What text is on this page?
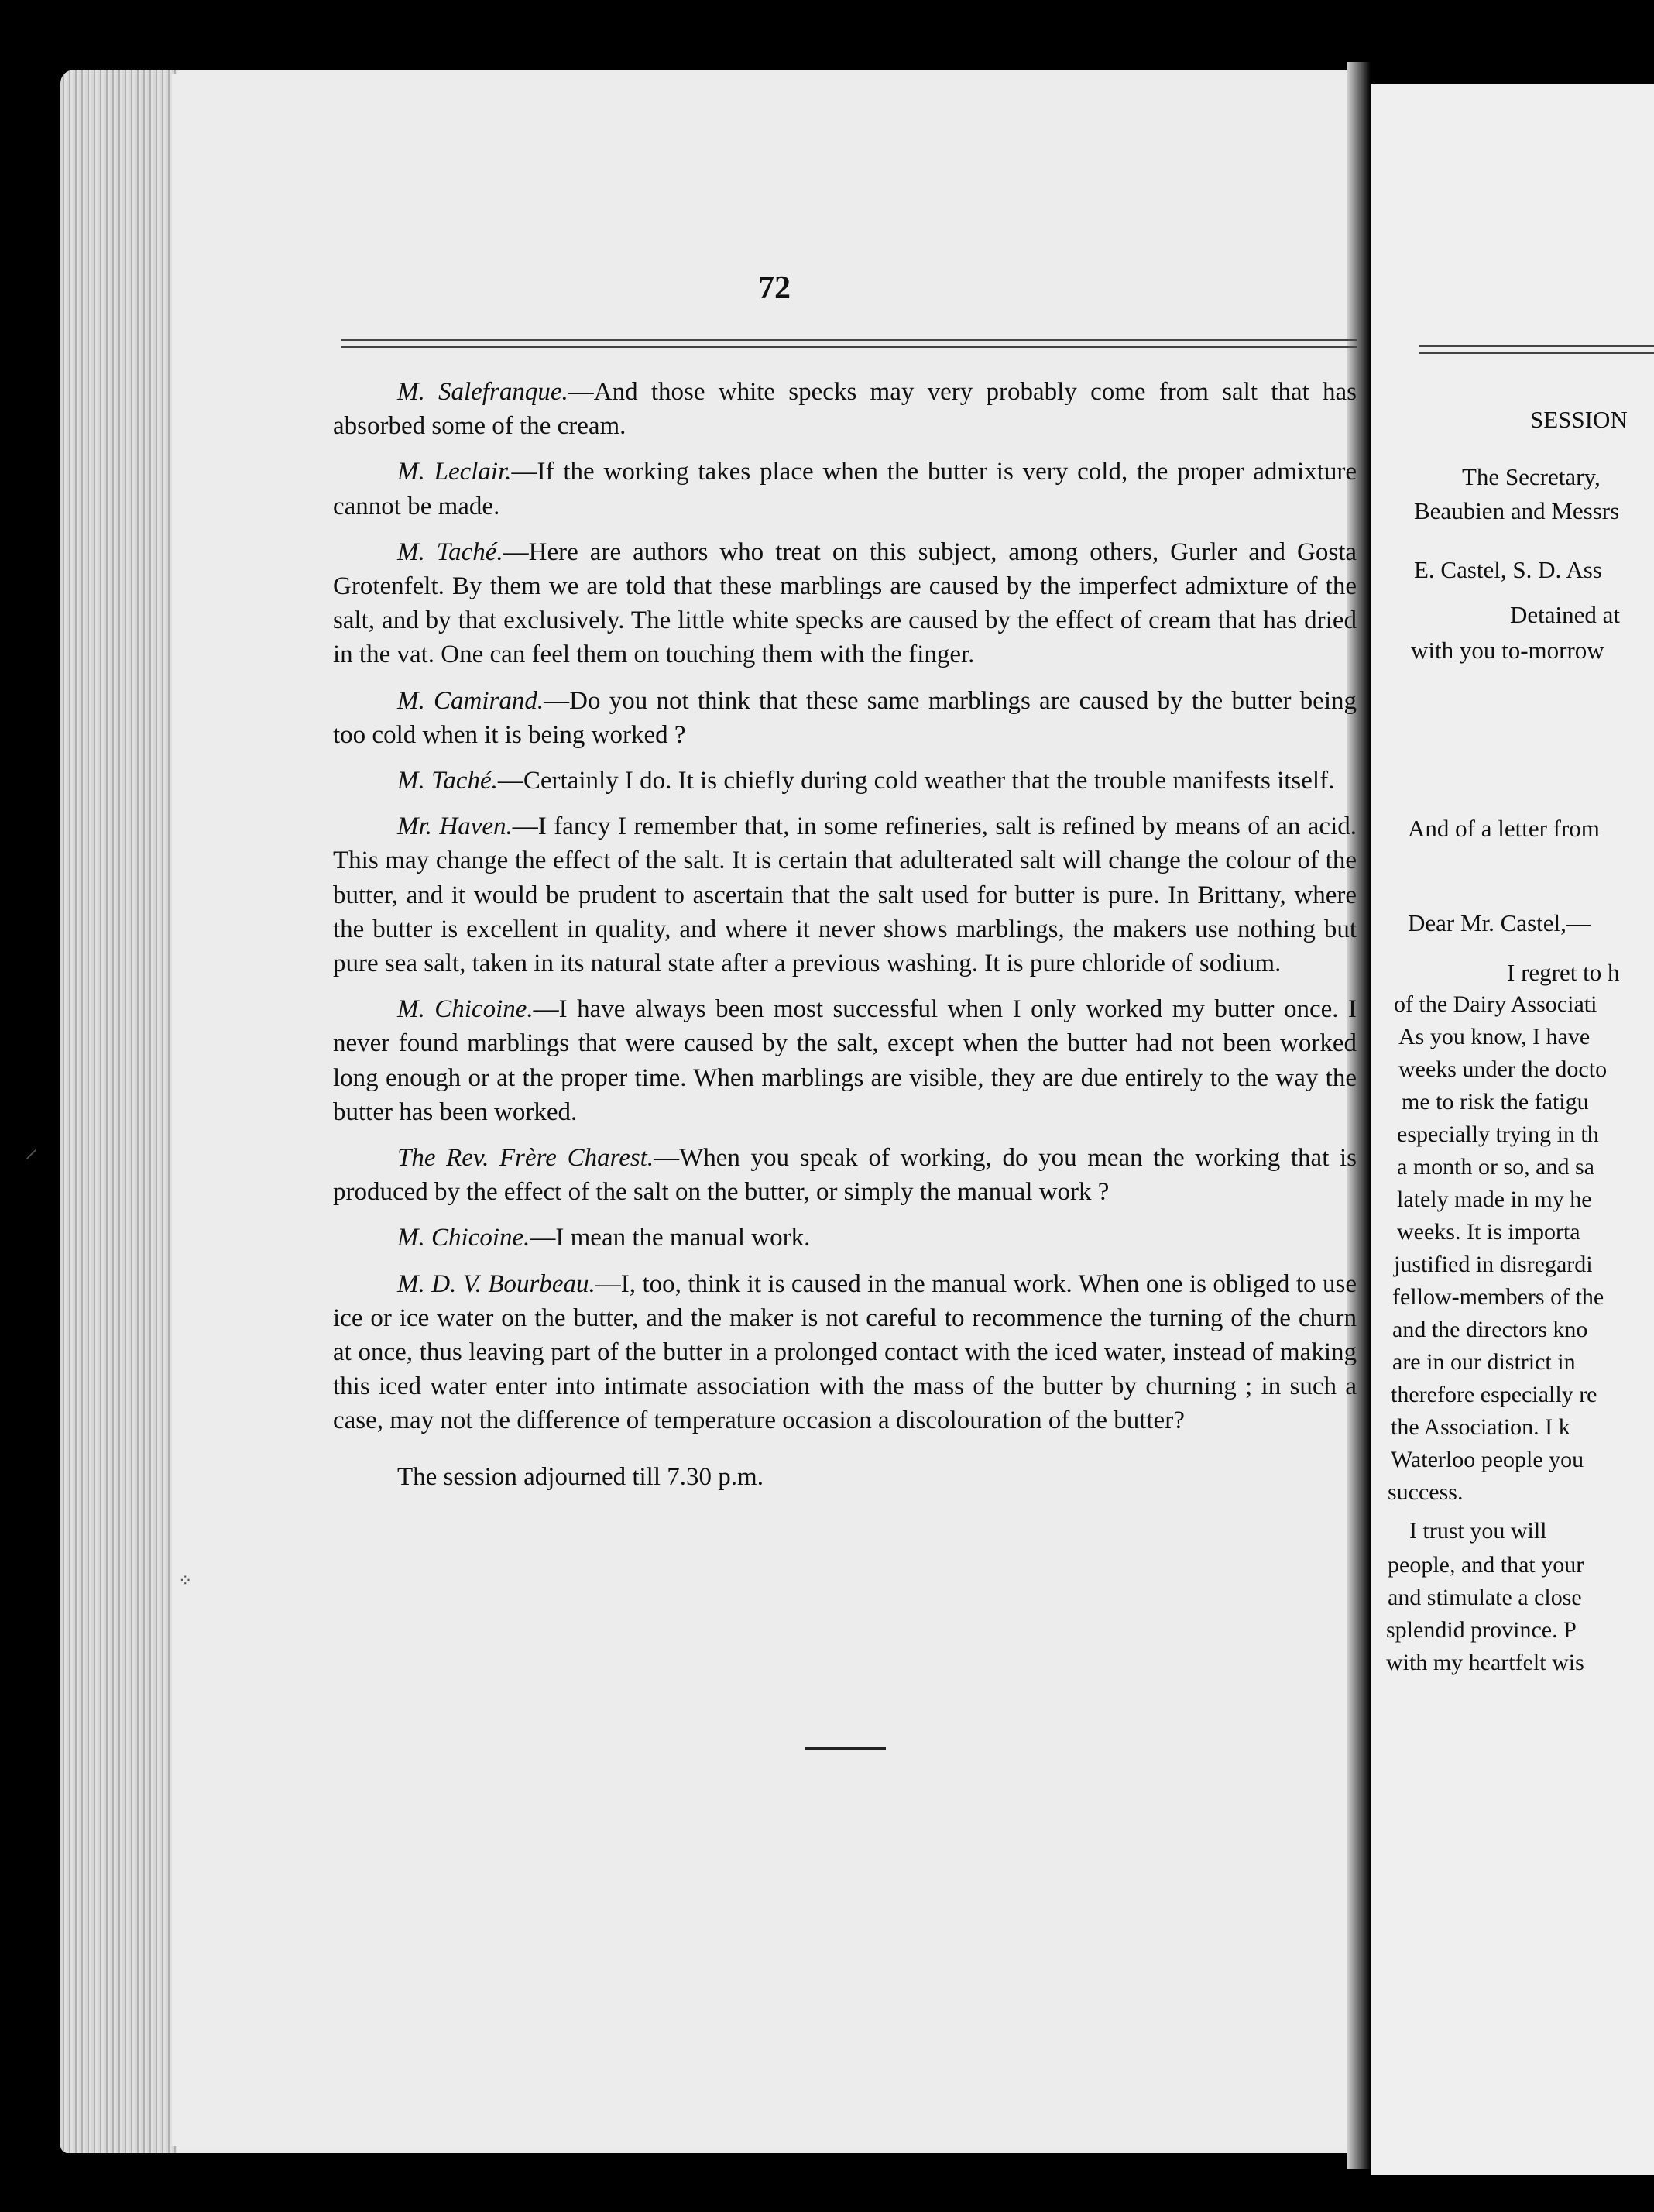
72

M. Salefranque.—And those white specks may very probably come from salt that has absorbed some of the cream.

M. Leclair.—If the working takes place when the butter is very cold, the proper admixture cannot be made.

M. Taché.—Here are authors who treat on this subject, among others, Gurler and Gosta Grotenfelt. By them we are told that these marblings are caused by the imperfect admixture of the salt, and by that exclusively. The little white specks are caused by the effect of cream that has dried in the vat. One can feel them on touching them with the finger.

M. Camirand.—Do you not think that these same marblings are caused by the butter being too cold when it is being worked ?

M. Taché.—Certainly I do. It is chiefly during cold weather that the trouble manifests itself.

Mr. Haven.—I fancy I remember that, in some refineries, salt is refined by means of an acid. This may change the effect of the salt. It is certain that adulterated salt will change the colour of the butter, and it would be prudent to ascertain that the salt used for butter is pure. In Brittany, where the butter is excellent in quality, and where it never shows marblings, the makers use nothing but pure sea salt, taken in its natural state after a previous washing. It is pure chloride of sodium.

M. Chicoine.—I have always been most successful when I only worked my butter once. I never found marblings that were caused by the salt, except when the butter had not been worked long enough or at the proper time. When marblings are visible, they are due entirely to the way the butter has been worked.

The Rev. Frère Charest.—When you speak of working, do you mean the working that is produced by the effect of the salt on the butter, or simply the manual work ?

M. Chicoine.—I mean the manual work.

M. D. V. Bourbeau.—I, too, think it is caused in the manual work. When one is obliged to use ice or ice water on the butter, and the maker is not careful to recommence the turning of the churn at once, thus leaving part of the butter in a prolonged contact with the iced water, instead of making this iced water enter into intimate association with the mass of the butter by churning ; in such a case, may not the difference of temperature occasion a discolouration of the butter?

The session adjourned till 7.30 p.m.

SESSION
The Secretary,
Beaubien and Messrs
E. Castel, S. D. Ass
Detained at
with you to-morrow
And of a letter from
Dear Mr. Castel,—
I regret to h
of the Dairy Associati
As you know, I have
weeks under the docto
me to risk the fatigu
especially trying in th
a month or so, and sa
lately made in my he
weeks. It is importa
justified in disregardi
fellow-members of the
and the directors kno
are in our district in
therefore especially re
the Association. I k
Waterloo people you
success.
I trust you will
people, and that your
and stimulate a close
splendid province. P
with my heartfelt wis
⸝
⁘
